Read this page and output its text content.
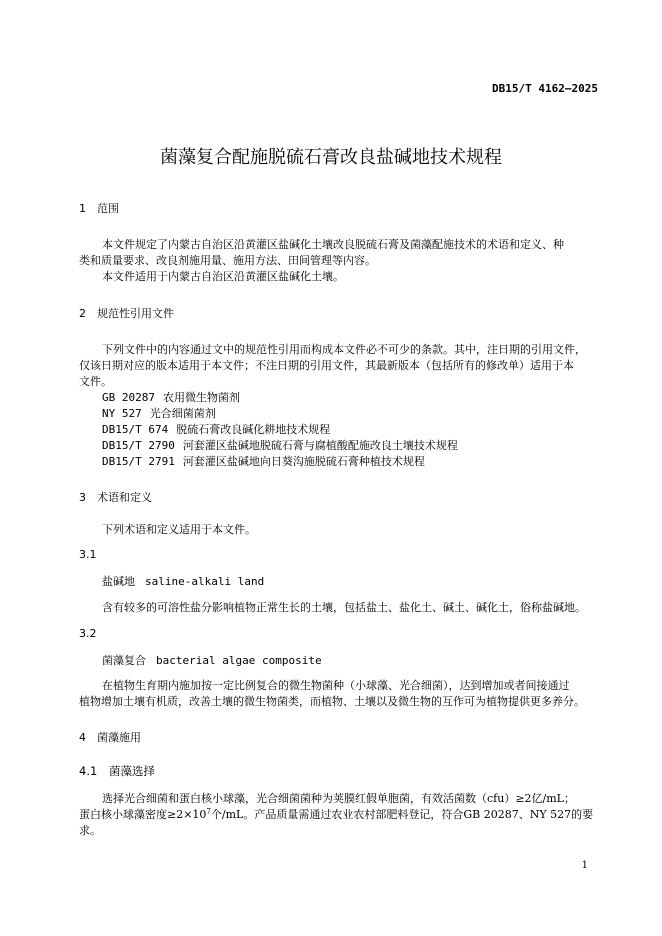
DB15/T 4162—2025
菌藻复合配施脱硫石膏改良盐碱地技术规程
1 范围
本文件规定了内蒙古自治区沿黄灌区盐碱化土壤改良脱硫石膏及菌藻配施技术的术语和定义、种
类和质量要求、改良剂施用量、施用方法、田间管理等内容。
本文件适用于内蒙古自治区沿黄灌区盐碱化土壤。
2 规范性引用文件
下列文件中的内容通过文中的规范性引用而构成本文件必不可少的条款。其中，注日期的引用文件，
仅该日期对应的版本适用于本文件；不注日期的引用文件，其最新版本（包括所有的修改单）适用于本
文件。
GB 20287 农用微生物菌剂
NY 527 光合细菌菌剂
DB15/T 674 脱硫石膏改良碱化耕地技术规程
DB15/T 2790 河套灌区盐碱地脱硫石膏与腐植酸配施改良土壤技术规程
DB15/T 2791 河套灌区盐碱地向日葵沟施脱硫石膏种植技术规程
3 术语和定义
下列术语和定义适用于本文件。
3.1
盐碱地 saline-alkali land
含有较多的可溶性盐分影响植物正常生长的土壤，包括盐土、盐化土、碱土、碱化土，俗称盐碱地。
3.2
菌藻复合 bacterial algae composite
在植物生育期内施加按一定比例复合的微生物菌种（小球藻、光合细菌），达到增加或者间接通过
植物增加土壤有机质，改善土壤的微生物菌类，而植物、土壤以及微生物的互作可为植物提供更多养分。
4 菌藻施用
4.1 菌藻选择
选择光合细菌和蛋白核小球藻，光合细菌菌种为荚膜红假单胞菌，有效活菌数（cfu）≥2亿/mL；
蛋白核小球藻密度$\ge 2\times 10^7$个/mL。产品质量需通过农业农村部肥料登记，符合GB 20287、NY 527的要
求。
1
